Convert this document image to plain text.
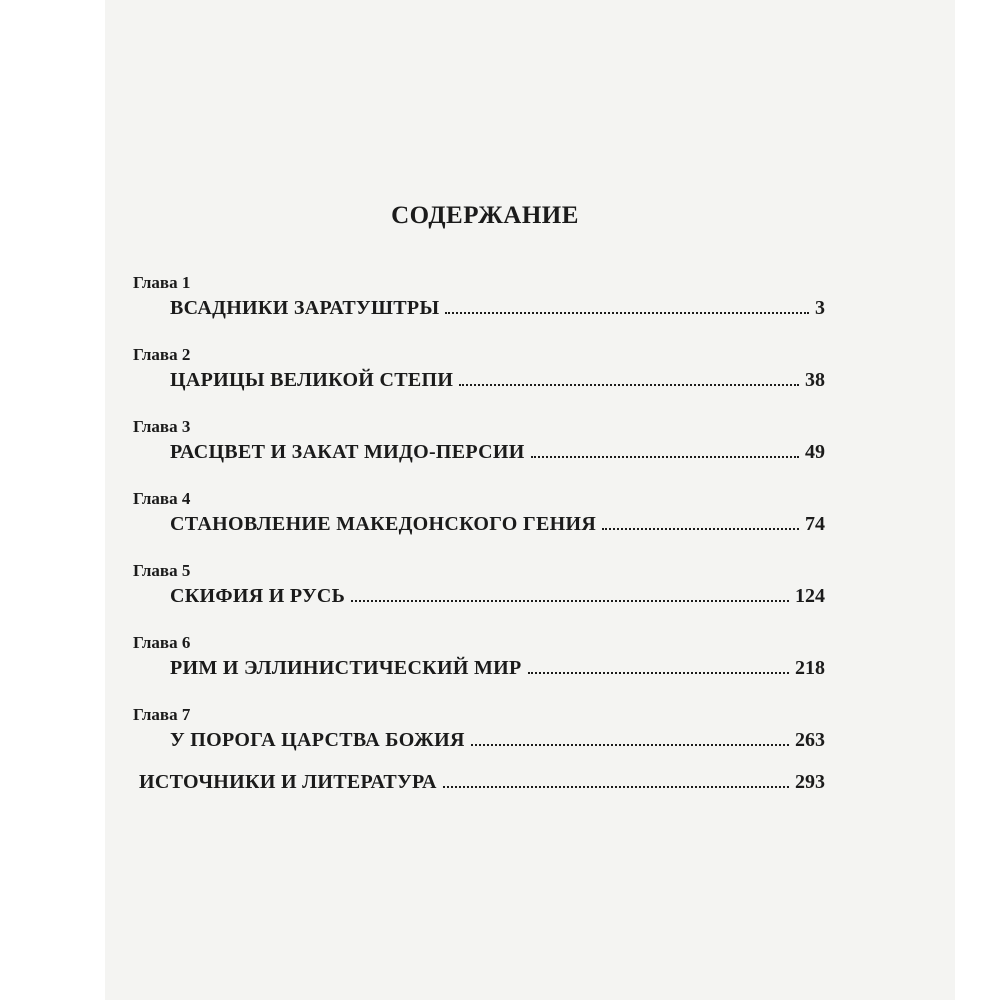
СОДЕРЖАНИЕ
Глава 1
ВСАДНИКИ ЗАРАТУШТРЫ	3
Глава 2
ЦАРИЦЫ ВЕЛИКОЙ СТЕПИ	38
Глава 3
РАСЦВЕТ И ЗАКАТ МИДО-ПЕРСИИ	49
Глава 4
СТАНОВЛЕНИЕ МАКЕДОНСКОГО ГЕНИЯ	74
Глава 5
СКИФИЯ И РУСЬ	124
Глава 6
РИМ И ЭЛЛИНИСТИЧЕСКИЙ МИР	218
Глава 7
У ПОРОГА ЦАРСТВА БОЖИЯ	263
ИСТОЧНИКИ И ЛИТЕРАТУРА	293
